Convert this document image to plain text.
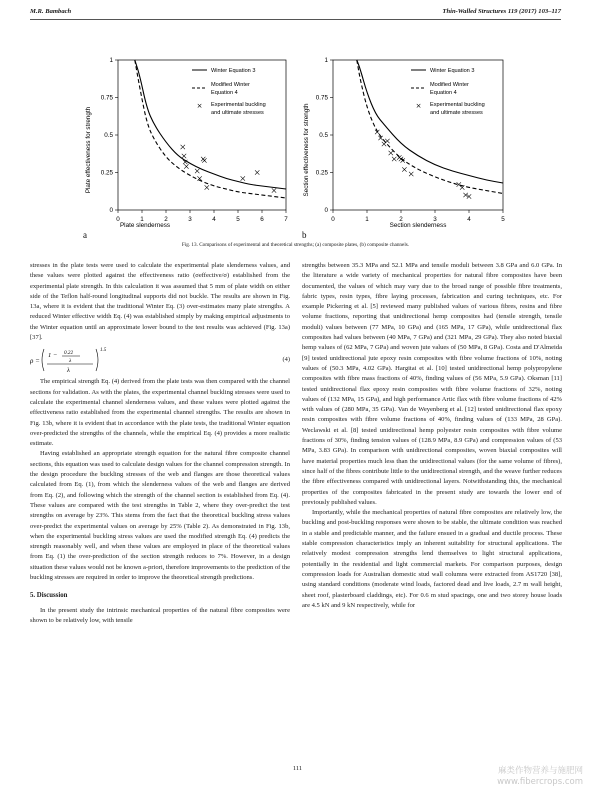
M.R. Bambach	Thin-Walled Structures 119 (2017) 103–117
Plate effectiveness for strength
Plate slenderness
a
0
0.25
0.5
0.75
1
0	1	2	3	4	5	6	7
Winter Equation 3
Modified Winter
Equation 4
× Experimental buckling
and ultimate stresses	Section effectiveness for strength
Section slenderness
b
0
0.25
0.5
0.75
1
0	1	2	3	4	5
Winter Equation 3
Modified Winter
Equation 4
× Experimental buckling
and ultimate stresses
Fig. 13. Comparisons of experimental and theoretical strengths; (a) composite plates, (b) composite channels.

stresses in the plate tests were used to calculate the experimental plate slenderness values, and these values were plotted against the effectiveness ratio (σeffective/σ) established from the experimental plate strength. In this calculation it was assumed that 5 mm of plate width on either side of the Teflon half-round longitudinal supports did not buckle. The results are shown in Fig. 13a, where it is evident that the traditional Winter Eq. (3) over-estimates many plate strengths. A reduced Winter effective width Eq. (4) was established simply by making empirical adjustments to the Winter equation until an approximate lower bound to the test results was achieved (Fig. 13a) [37].

ρ =
1 − 0.22
λ
λ
1.5
(4)

The empirical strength Eq. (4) derived from the plate tests was then compared with the channel sections for validation. As with the plates, the experimental channel buckling stresses were used to calculate the experimental channel slenderness values, and these values were plotted against the effectiveness ratio established from the experimental channel strengths. The results are shown in Fig. 13b, where it is evident that in accordance with the plate tests, the traditional Winter equation over-predicted the strengths of the channels, while the empirical Eq. (4) provides a more realistic estimate.

Having established an appropriate strength equation for the natural fibre composite channel sections, this equation was used to calculate design values for the channel compression strength. In the design procedure the buckling stresses of the web and flanges are those theoretical values calculated from Eq. (1), from which the slenderness values of the web and flanges are derived from Eq. (2), and following which the strength of the channel section is established from Eq. (4). These values are compared with the test strengths in Table 2, where they over-predict the test strengths on average by 23%. This stems from the fact that the theoretical buckling stress values over-predict the experimental values on average by 25% (Table 2). As demonstrated in Fig. 13b, when the experimental buckling stress values are used the modified strength Eq. (4) predicts the strength reasonably well, and when these values are employed in place of the theoretical values from Eq. (1) the over-prediction of the section strength reduces to 7%. However, in a design situation these values would not be known a-priori, therefore improvements to the prediction of the buckling stresses are required in order to improve the theoretical strength predictions.

5. Discussion

In the present study the intrinsic mechanical properties of the natural fibre composites were shown to be relatively low, with tensile

strengths between 35.3 MPa and 52.1 MPa and tensile moduli between 3.8 GPa and 6.0 GPa. In the literature a wide variety of mechanical properties for natural fibre composites have been documented, the values of which may vary due to the broad range of possible fibre treatments, fabric types, resin types, fibre laying processes, fabrication and curing techniques, etc. For example Pickering et al. [5] reviewed many published values of various fibres, resins and fibre volume fractions, reporting that unidirectional hemp composites had (tensile strength, tensile moduli) values between (77 MPa, 10 GPa) and (165 MPa, 17 GPa), while unidirectional flax composites had values between (40 MPa, 7 GPa) and (321 MPa, 29 GPa). They also noted biaxial hemp values of (62 MPa, 7 GPa) and woven jute values of (50 MPa, 8 GPa). Costa and D'Almeida [9] tested unidirectional jute epoxy resin composites with fibre volume fractions of 10%, noting values of (50.3 MPa, 4.02 GPa). Hargitai et al. [10] tested unidirectional hemp polypropylene composites with fibre mass fractions of 40%, finding values of (56 MPa, 5.9 GPa). Oksman [11] tested unidirectional flax epoxy resin composites with fibre volume fractions of 32%, noting values of (132 MPa, 15 GPa), and high performance Artic flax with fibre volume fractions of 42% with values of (280 MPa, 35 GPa). Van de Weyenberg et al. [12] tested unidirectional flax epoxy resin composites with fibre volume fractions of 40%, finding values of (133 MPa, 28 GPa). Weclawski et al. [8] tested unidirectional hemp polyester resin composites with fibre volume fractions of 30%, finding tension values of (128.9 MPa, 8.9 GPa) and compression values of (53 MPa, 3.83 GPa). In comparison with unidirectional composites, woven biaxial composites will have material properties much less than the unidirectional values (for the same volume of fibres), since half of the fibres contribute little to the unidirectional strength, and the weave further reduces the fibre effectiveness compared with unidirectional layers. Notwithstanding this, the mechanical properties of the composites fabricated in the present study are towards the lower end of previously published values.

Importantly, while the mechanical properties of natural fibre composites are relatively low, the buckling and post-buckling responses were shown to be stable, the ultimate condition was reached in a stable and predictable manner, and the failure ensued in a gradual and ductile process. These stable compression characteristics imply an inherent suitability for structural applications. The relatively modest compression strengths lend themselves to light structural applications, potentially in the residential and light commercial markets. For comparison purposes, design compression loads for Australian domestic stud wall columns were extracted from AS1720 [38], using standard conditions (moderate wind loads, factored dead and live loads, 2.7 m wall height, sheet roof, plasterboard claddings, etc). For 0.6 m stud spacings, one and two storey house loads are 4.5 kN and 9 kN respectively, while for

111	麻类作物营养与施肥网
www.fibercrops.com
